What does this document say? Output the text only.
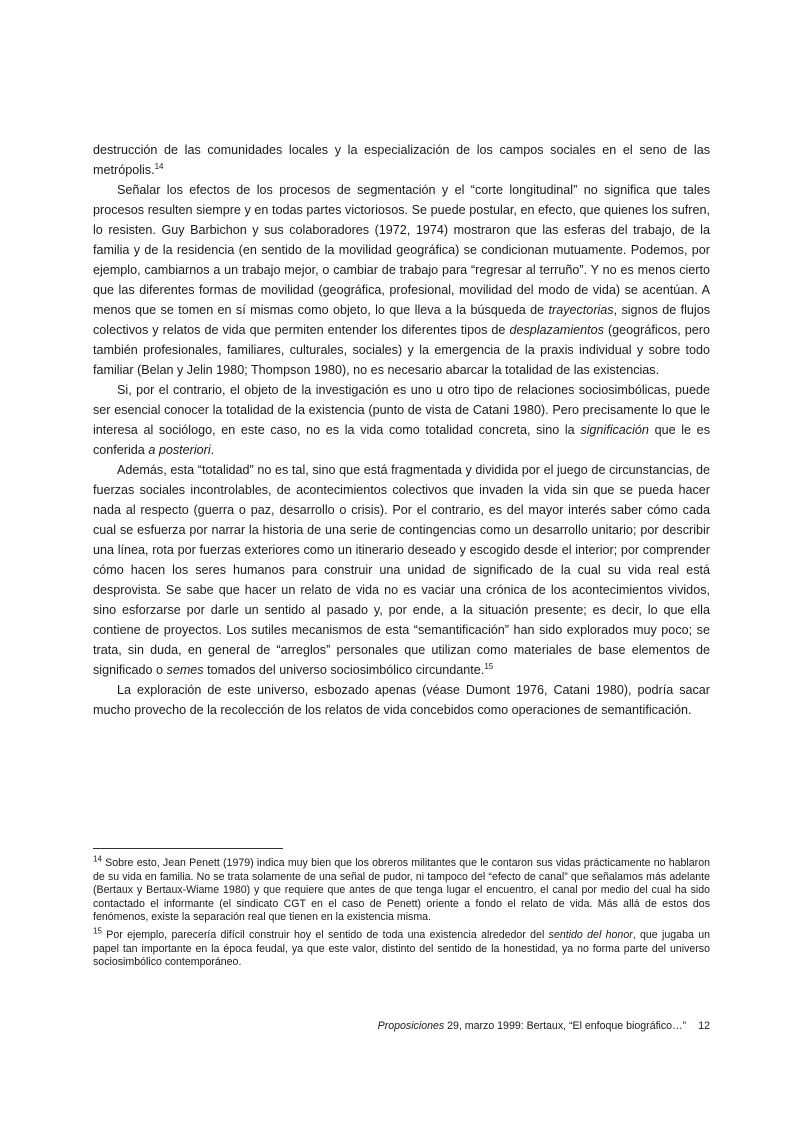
destrucción de las comunidades locales y la especialización de los campos sociales en el seno de las metrópolis.$^{14}$

Señalar los efectos de los procesos de segmentación y el “corte longitudinal” no significa que tales procesos resulten siempre y en todas partes victoriosos. Se puede postular, en efecto, que quienes los sufren, lo resisten. Guy Barbichon y sus colaboradores (1972, 1974) mostraron que las esferas del trabajo, de la familia y de la residencia (en sentido de la movilidad geográfica) se condicionan mutuamente. Podemos, por ejemplo, cambiarnos a un trabajo mejor, o cambiar de trabajo para “regresar al terruño”. Y no es menos cierto que las diferentes formas de movilidad (geográfica, profesional, movilidad del modo de vida) se acentúan. A menos que se tomen en sí mismas como objeto, lo que lleva a la búsqueda de trayectorias, signos de flujos colectivos y relatos de vida que permiten entender los diferentes tipos de desplazamientos (geográficos, pero también profesionales, familiares, culturales, sociales) y la emergencia de la praxis individual y sobre todo familiar (Belan y Jelin 1980; Thompson 1980), no es necesario abarcar la totalidad de las existencias.

Si, por el contrario, el objeto de la investigación es uno u otro tipo de relaciones sociosimbólicas, puede ser esencial conocer la totalidad de la existencia (punto de vista de Catani 1980). Pero precisamente lo que le interesa al sociólogo, en este caso, no es la vida como totalidad concreta, sino la significación que le es conferida a posteriori.

Además, esta “totalidad” no es tal, sino que está fragmentada y dividida por el juego de circunstancias, de fuerzas sociales incontrolables, de acontecimientos colectivos que invaden la vida sin que se pueda hacer nada al respecto (guerra o paz, desarrollo o crisis). Por el contrario, es del mayor interés saber cómo cada cual se esfuerza por narrar la historia de una serie de contingencias como un desarrollo unitario; por describir una línea, rota por fuerzas exteriores como un itinerario deseado y escogido desde el interior; por comprender cómo hacen los seres humanos para construir una unidad de significado de la cual su vida real está desprovista. Se sabe que hacer un relato de vida no es vaciar una crónica de los acontecimientos vividos, sino esforzarse por darle un sentido al pasado y, por ende, a la situación presente; es decir, lo que ella contiene de proyectos. Los sutiles mecanismos de esta “semantificación” han sido explorados muy poco; se trata, sin duda, en general de “arreglos” personales que utilizan como materiales de base elementos de significado o semes tomados del universo sociosimbólico circundante.$^{15}$

La exploración de este universo, esbozado apenas (véase Dumont 1976, Catani 1980), podría sacar mucho provecho de la recolección de los relatos de vida concebidos como operaciones de semantificación.

$^{14}$ Sobre esto, Jean Penett (1979) indica muy bien que los obreros militantes que le contaron sus vidas prácticamente no hablaron de su vida en familia. No se trata solamente de una señal de pudor, ni tampoco del “efecto de canal” que señalamos más adelante (Bertaux y Bertaux-Wiame 1980) y que requiere que antes de que tenga lugar el encuentro, el canal por medio del cual ha sido contactado el informante (el sindicato CGT en el caso de Penett) oriente a fondo el relato de vida. Más allá de estos dos fenómenos, existe la separación real que tienen en la existencia misma.

$^{15}$ Por ejemplo, parecería difícil construir hoy el sentido de toda una existencia alrededor del sentido del honor, que jugaba un papel tan importante en la época feudal, ya que este valor, distinto del sentido de la honestidad, ya no forma parte del universo sociosimbólico contemporáneo.

Proposiciones 29, marzo 1999: Bertaux, “El enfoque biográfico…” 12
